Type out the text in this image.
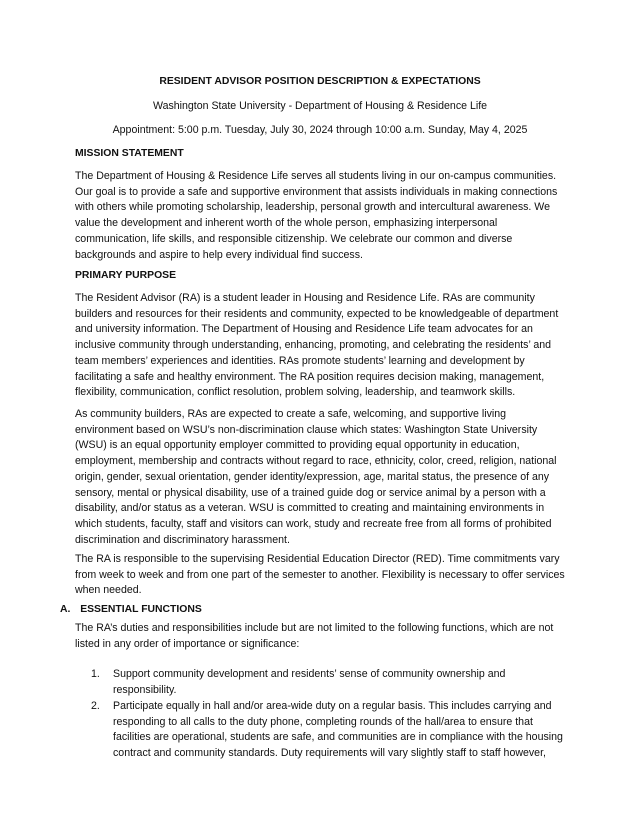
RESIDENT ADVISOR POSITION DESCRIPTION & EXPECTATIONS
Washington State University - Department of Housing & Residence Life
Appointment: 5:00 p.m. Tuesday, July 30, 2024 through 10:00 a.m. Sunday, May 4, 2025
MISSION STATEMENT
The Department of Housing & Residence Life serves all students living in our on-campus communities. Our goal is to provide a safe and supportive environment that assists individuals in making connections with others while promoting scholarship, leadership, personal growth and intercultural awareness. We value the development and inherent worth of the whole person, emphasizing interpersonal communication, life skills, and responsible citizenship. We celebrate our common and diverse backgrounds and aspire to help every individual find success.
PRIMARY PURPOSE
The Resident Advisor (RA) is a student leader in Housing and Residence Life. RAs are community builders and resources for their residents and community, expected to be knowledgeable of department and university information. The Department of Housing and Residence Life team advocates for an inclusive community through understanding, enhancing, promoting, and celebrating the residents’ and team members’ experiences and identities. RAs promote students’ learning and development by facilitating a safe and healthy environment. The RA position requires decision making, management, flexibility, communication, conflict resolution, problem solving, leadership, and teamwork skills.
As community builders, RAs are expected to create a safe, welcoming, and supportive living environment based on WSU’s non-discrimination clause which states: Washington State University (WSU) is an equal opportunity employer committed to providing equal opportunity in education, employment, membership and contracts without regard to race, ethnicity, color, creed, religion, national origin, gender, sexual orientation, gender identity/expression, age, marital status, the presence of any sensory, mental or physical disability, use of a trained guide dog or service animal by a person with a disability, and/or status as a veteran. WSU is committed to creating and maintaining environments in which students, faculty, staff and visitors can work, study and recreate free from all forms of prohibited discrimination and discriminatory harassment.
The RA is responsible to the supervising Residential Education Director (RED). Time commitments vary from week to week and from one part of the semester to another. Flexibility is necessary to offer services when needed.
A. ESSENTIAL FUNCTIONS
The RA’s duties and responsibilities include but are not limited to the following functions, which are not listed in any order of importance or significance:
1. Support community development and residents’ sense of community ownership and responsibility.
2. Participate equally in hall and/or area-wide duty on a regular basis. This includes carrying and responding to all calls to the duty phone, completing rounds of the hall/area to ensure that facilities are operational, students are safe, and communities are in compliance with the housing contract and community standards. Duty requirements will vary slightly staff to staff however,
